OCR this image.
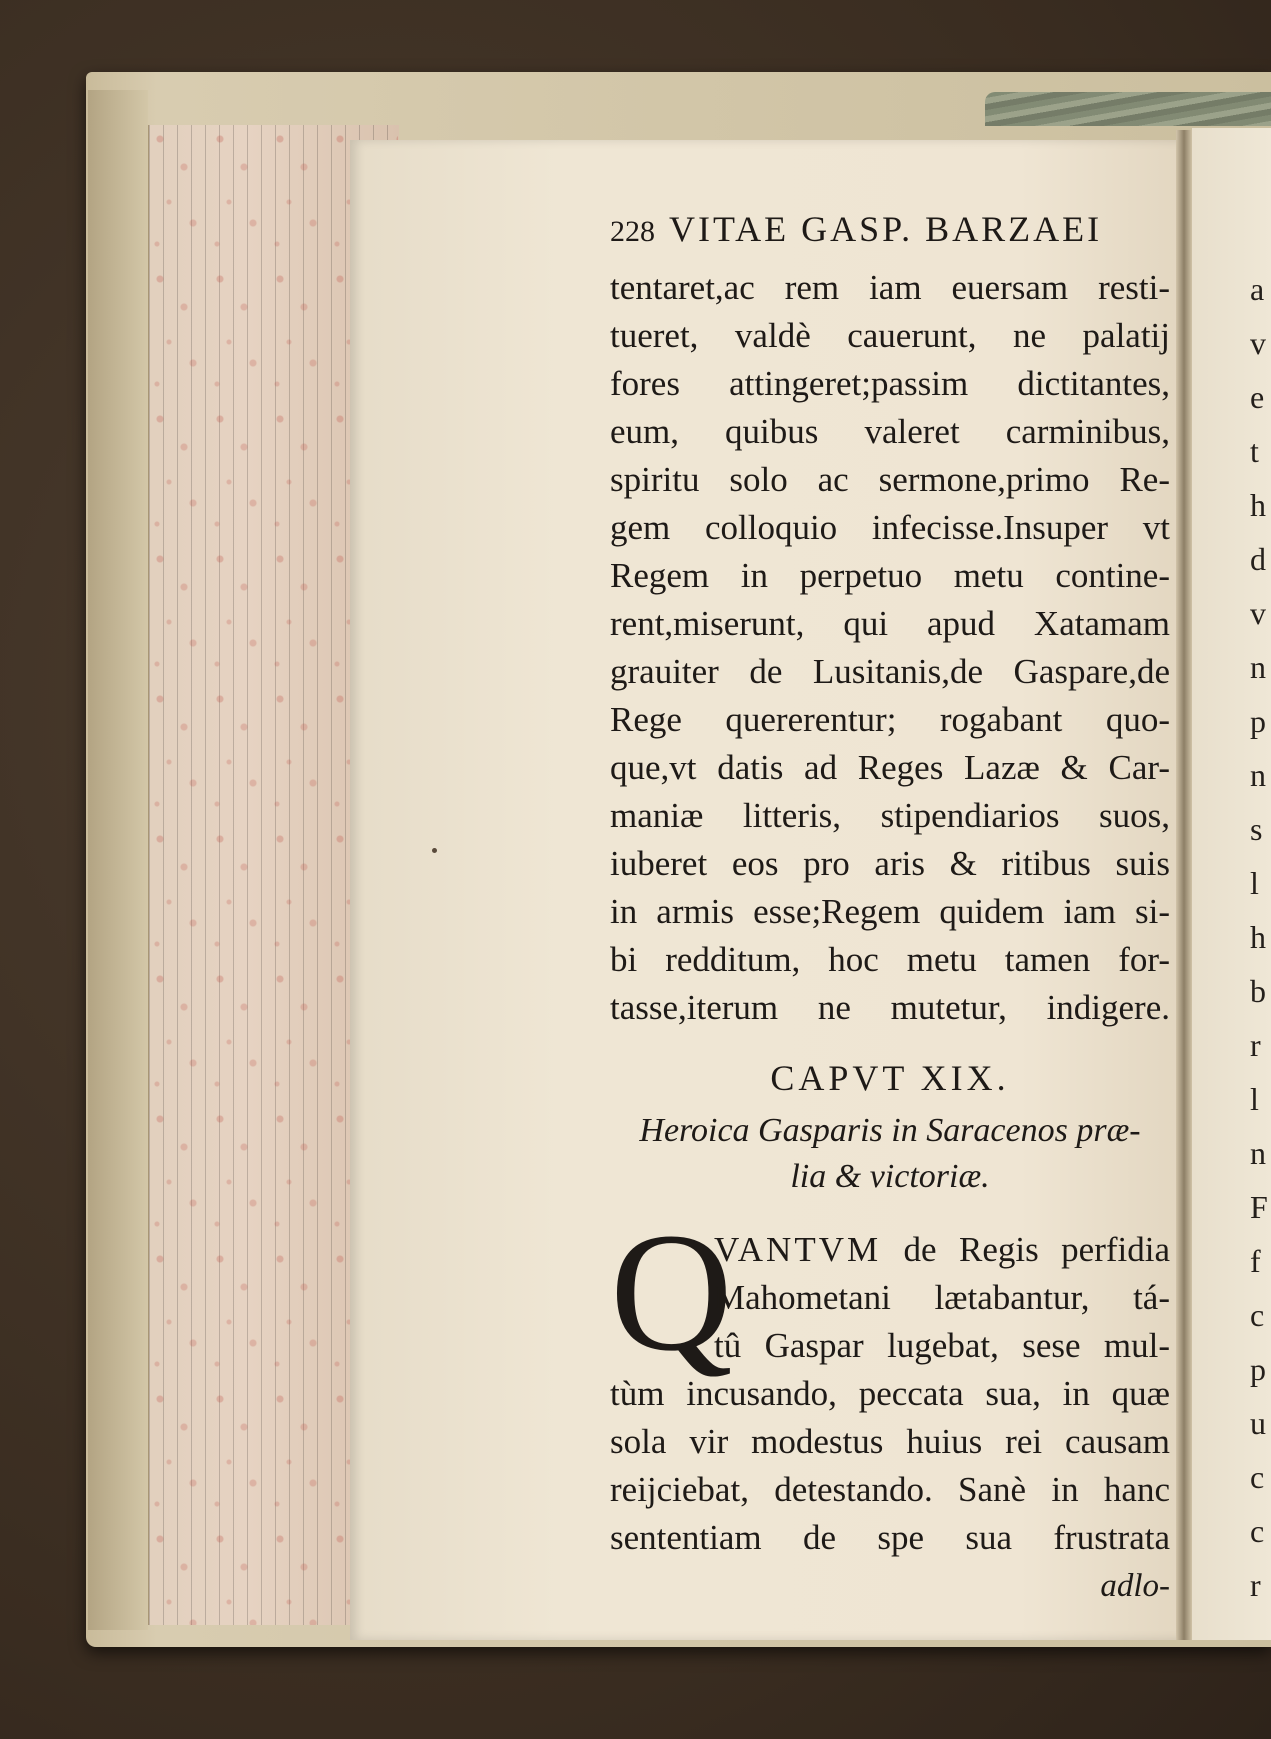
228 VITAE GASP. BARZAEI
tentaret,ac rem iam euersam resti-
tueret, valdè cauerunt, ne palatij
fores attingeret;passim dictitantes,
eum, quibus valeret carminibus,
spiritu solo ac sermone,primo Re-
gem colloquio infecisse.Insuper vt
Regem in perpetuo metu contine-
rent,miserunt, qui apud Xatamam
grauiter de Lusitanis,de Gaspare,de
Rege quererentur; rogabant quo-
que,vt datis ad Reges Lazæ & Car-
maniæ litteris, stipendiarios suos,
iuberet eos pro aris & ritibus suis
in armis esse;Regem quidem iam si-
bi redditum, hoc metu tamen for-
tasse,iterum ne mutetur, indigere.
CAPVT XIX.
Heroica Gasparis in Saracenos præ-
lia & victoriæ.
Q
VANTVM de Regis perfidia
Mahometani lætabantur, tá-
tû Gaspar lugebat, sese mul-
tùm incusando, peccata sua, in quæ
sola vir modestus huius rei causam
reijciebat, detestando. Sanè in hanc
sententiam de spe sua frustrata
adlo-
a
v
e
t
h
d
v
n
p
n
s
l
h
b
r
l
n
F
f
c
p
u
c
c
r
